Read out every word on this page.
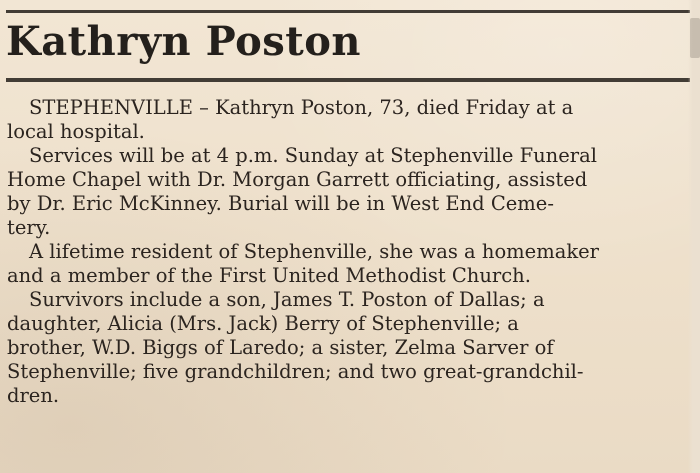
Kathryn Poston
STEPHENVILLE – Kathryn Poston, 73, died Friday at a
local hospital.
Services will be at 4 p.m. Sunday at Stephenville Funeral
Home Chapel with Dr. Morgan Garrett officiating, assisted
by Dr. Eric McKinney. Burial will be in West End Ceme-
tery.
A lifetime resident of Stephenville, she was a homemaker
and a member of the First United Methodist Church.
Survivors include a son, James T. Poston of Dallas; a
daughter, Alicia (Mrs. Jack) Berry of Stephenville; a
brother, W.D. Biggs of Laredo; a sister, Zelma Sarver of
Stephenville; five grandchildren; and two great-grandchil-
dren.
